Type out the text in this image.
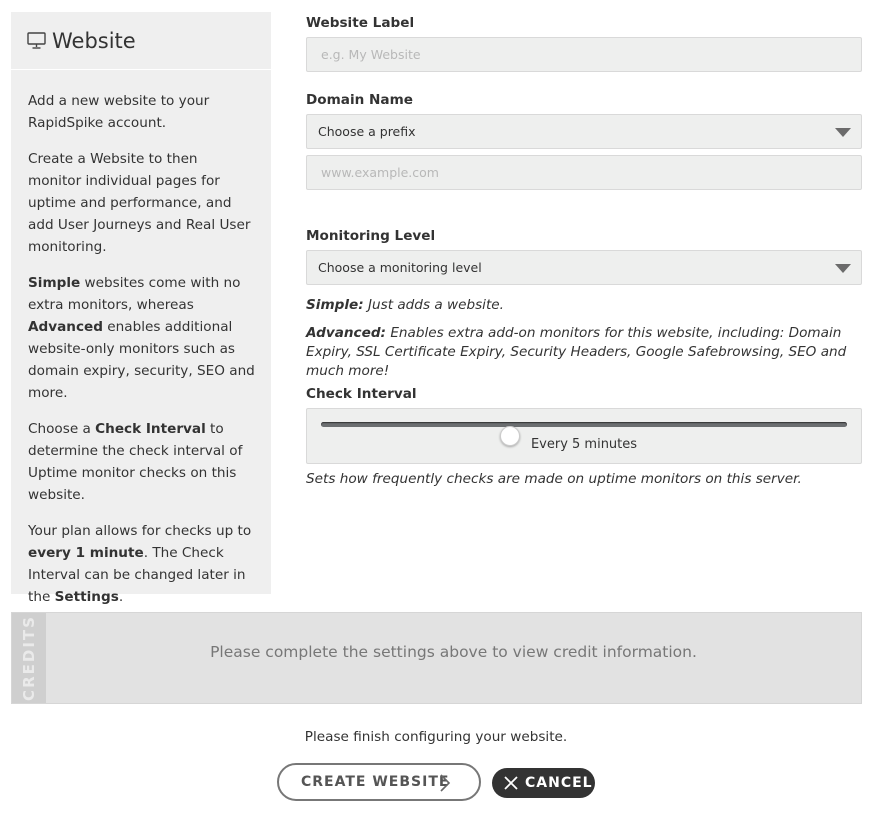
Website

Add a new website to your RapidSpike account.

Create a Website to then monitor individual pages for uptime and performance, and add User Journeys and Real User monitoring.

Simple websites come with no extra monitors, whereas Advanced enables additional website-only monitors such as domain expiry, security, SEO and more.

Choose a Check Interval to determine the check interval of Uptime monitor checks on this website.

Your plan allows for checks up to every 1 minute. The Check Interval can be changed later in the Settings.

Website Label
e.g. My Website
Domain Name
Choose a prefix
www.example.com
Monitoring Level
Choose a monitoring level
Simple: Just adds a website.
Advanced: Enables extra add-on monitors for this website, including: Domain Expiry, SSL Certificate Expiry, Security Headers, Google Safebrowsing, SEO and much more!
Check Interval
Every 5 minutes
Sets how frequently checks are made on uptime monitors on this server.
CREDITS	Please complete the settings above to view credit information.
Please finish configuring your website.
CREATE WEBSITE	CANCEL
